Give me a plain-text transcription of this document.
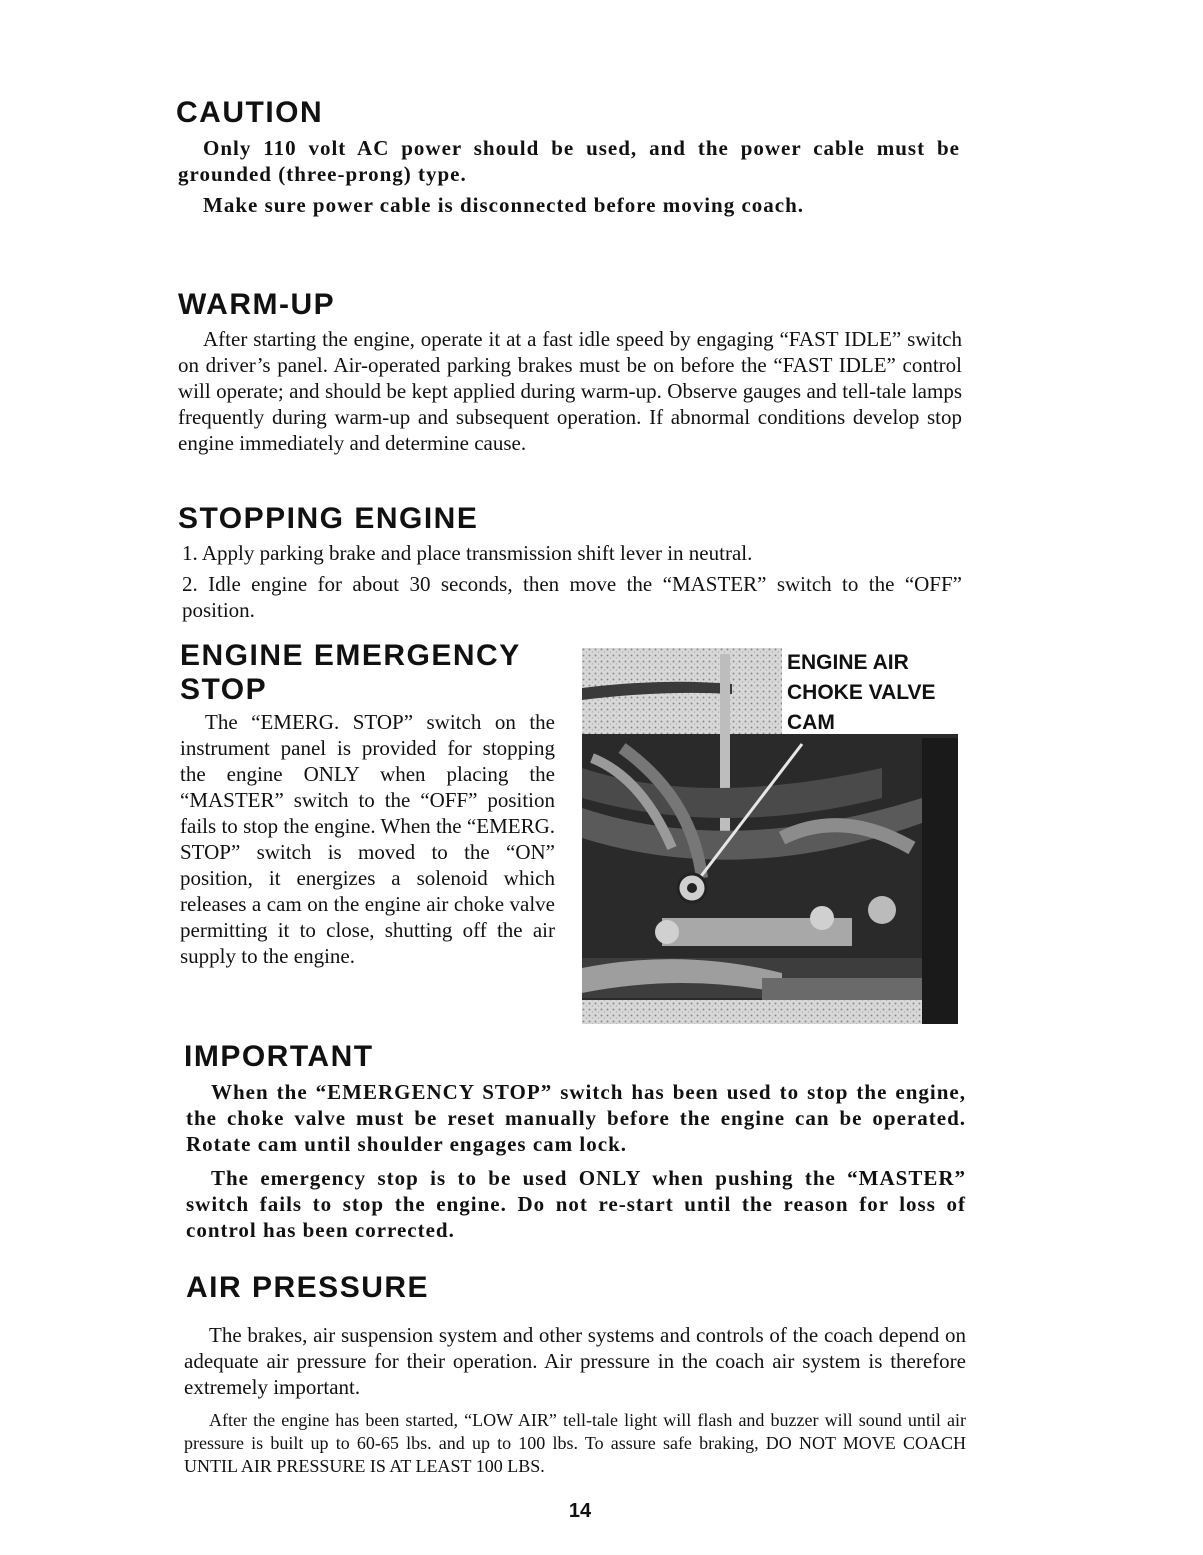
CAUTION

Only 110 volt AC power should be used, and the power cable must be grounded (three-prong) type.

Make sure power cable is disconnected before moving coach.

WARM-UP

After starting the engine, operate it at a fast idle speed by engaging “FAST IDLE” switch on driver’s panel. Air-operated parking brakes must be on before the “FAST IDLE” control will operate; and should be kept applied during warm-up. Observe gauges and tell-tale lamps frequently during warm-up and subsequent operation. If abnormal conditions develop stop engine immediately and determine cause.

STOPPING ENGINE

1. Apply parking brake and place transmission shift lever in neutral.

2. Idle engine for about 30 seconds, then move the “MASTER” switch to the “OFF” position.

ENGINE EMERGENCY
STOP

The “EMERG. STOP” switch on the instrument panel is provided for stopping the engine ONLY when placing the “MASTER” switch to the “OFF” position fails to stop the engine. When the “EMERG. STOP” switch is moved to the “ON” position, it energizes a solenoid which releases a cam on the engine air choke valve permitting it to close, shutting off the air supply to the engine.

ENGINE AIR
CHOKE VALVE
CAM
IMPORTANT

When the “EMERGENCY STOP” switch has been used to stop the engine, the choke valve must be reset manually before the engine can be operated. Rotate cam until shoulder engages cam lock.

The emergency stop is to be used ONLY when pushing the “MASTER” switch fails to stop the engine. Do not re-start until the reason for loss of control has been corrected.

AIR PRESSURE

The brakes, air suspension system and other systems and controls of the coach depend on adequate air pressure for their operation. Air pressure in the coach air system is therefore extremely important.

After the engine has been started, “LOW AIR” tell-tale light will flash and buzzer will sound until air pressure is built up to 60-65 lbs. and up to 100 lbs. To assure safe braking, DO NOT MOVE COACH UNTIL AIR PRESSURE IS AT LEAST 100 LBS.

14
